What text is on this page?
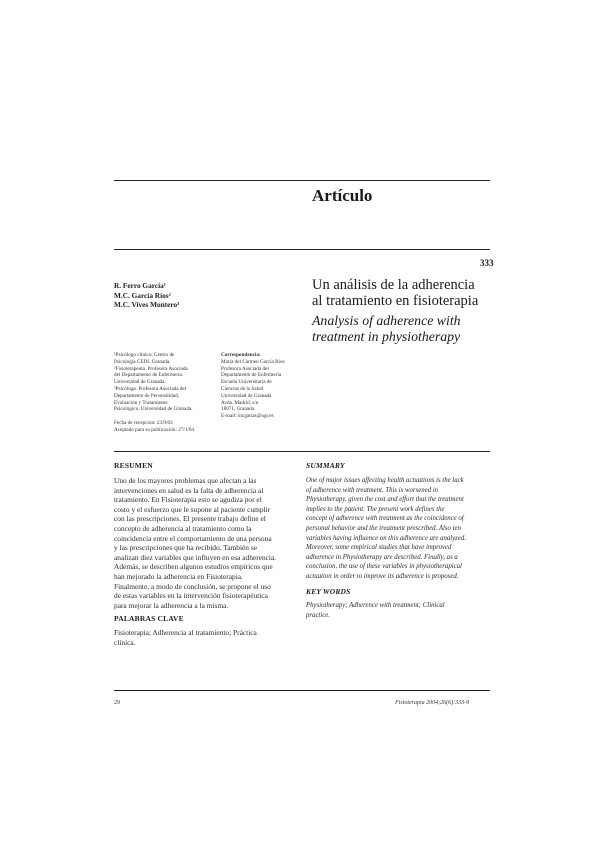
Artículo
333
R. Ferro García¹
M.C. García Ríos²
M.C. Vives Montero³
Un análisis de la adherencia
al tratamiento en fisioterapia
Analysis of adherence with
treatment in physiotherapy
¹Psicólogo clínico. Centro de
Psicología CEDI. Granada.
²Fisioterapeuta. Profesora Asociada
del Departamento de Enfermería.
Universidad de Granada.
³Psicóloga. Profesora Asociada del
Departamento de Personalidad,
Evaluación y Tratamiento
Psicológico. Universidad de Granada.
Correspondencia:
María del Carmen García Ríos
Profesora Asociada del
Departamento de Enfermería
Escuela Universitaria de
Ciencias de la Salud
Universidad de Granada
Avda. Madrid, s/n
18071, Granada
E-mail: mcgarias@ugr.es
Fecha de recepción: 23/9/03
Aceptado para su publicación: 27/1/04
RESUMEN
Uno de los mayores problemas que afectan a las
intervenciones en salud es la falta de adherencia al
tratamiento. En Fisioterapia esto se agudiza por el
costo y el esfuerzo que le supone al paciente cumplir
con las prescripciones. El presente trabajo define el
concepto de adherencia al tratamiento como la
coincidencia entre el comportamiento de una persona
y las prescripciones que ha recibido. También se
analizan diez variables que influyen en esa adherencia.
Además, se describen algunos estudios empíricos que
han mejorado la adherencia en Fisioterapia.
Finalmente, a modo de conclusión, se propone el uso
de estas variables en la intervención fisioterapéutica
para mejorar la adherencia a la misma.
PALABRAS CLAVE
Fisioterapia; Adherencia al tratamiento; Práctica
clínica.
SUMMARY
One of major issues affecting health actuations is the lack
of adherence with treatment. This is worsened in
Physiotherapy, given the cost and effort that the treatment
implies to the patient. The present work defines the
concept of adherence with treatment as the coincidence of
personal behavior and the treatment prescribed. Also ten
variables having influence on this adherence are analyzed.
Moreover, some empirical studies that have improved
adherence in Physiotherapy are described. Finally, as a
conclusion, the use of these variables in physiotherapical
actuation in order to improve its adherence is proposed.
KEY WORDS
Physiotherapy; Adherence with treatment; Clinical
practice.
29	Fisioterapia 2004;26(6):333-9
